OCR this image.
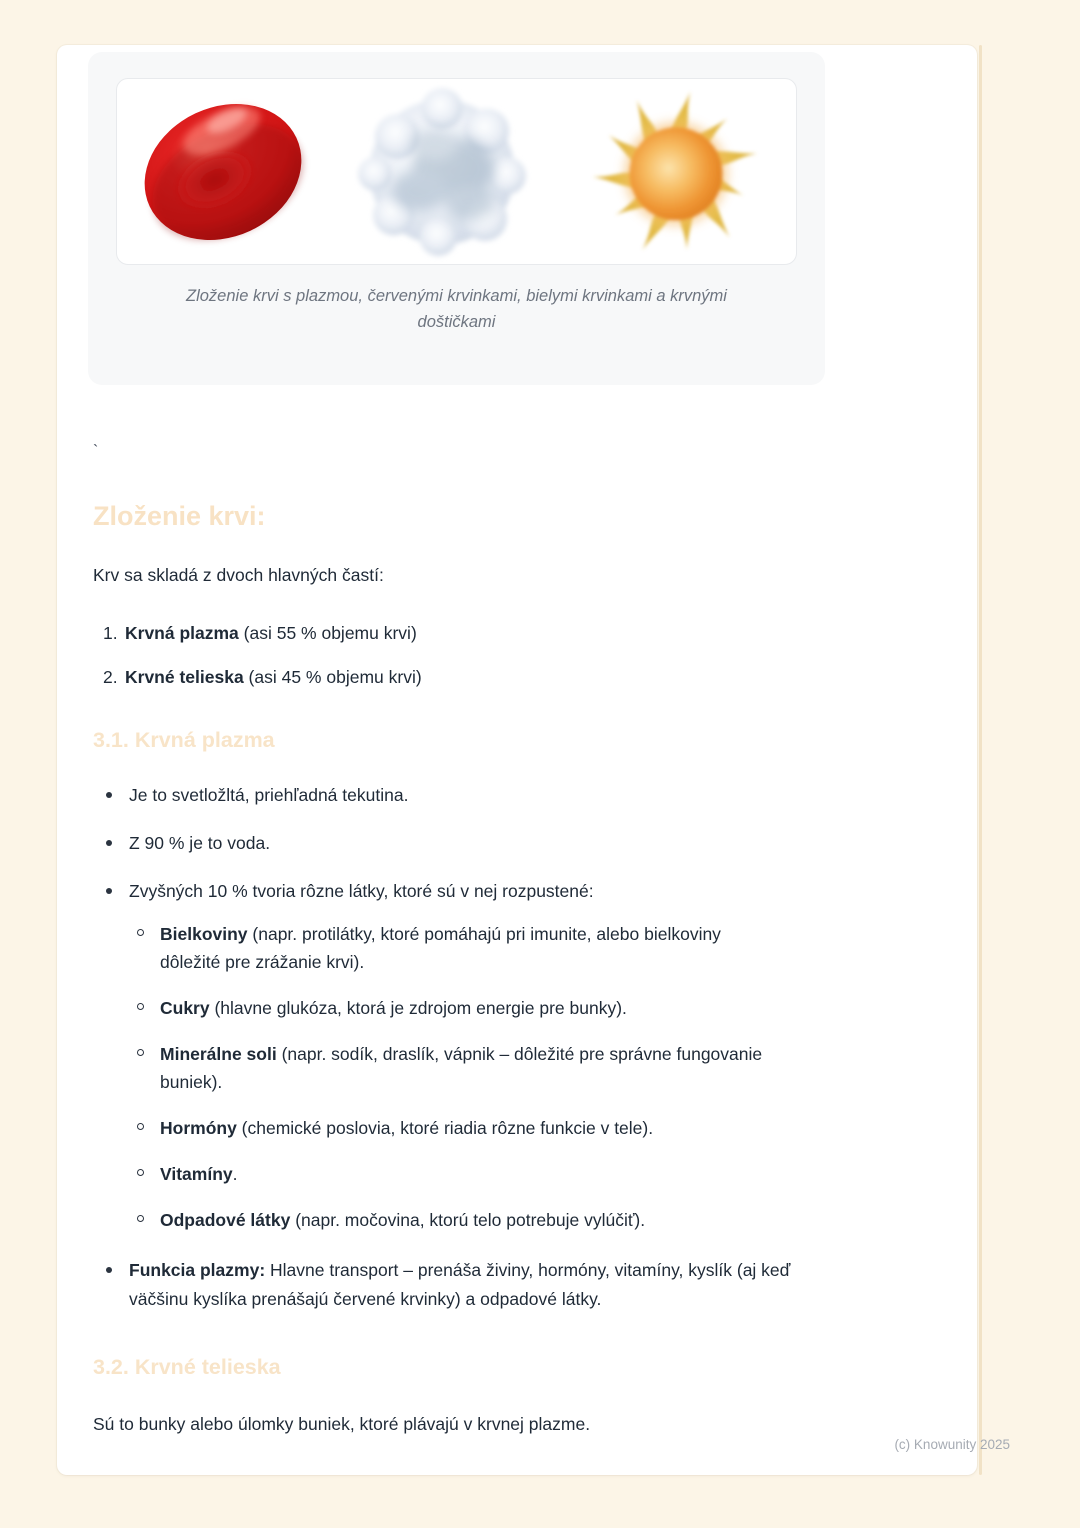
Zloženie krvi s plazmou, červenými krvinkami, bielymi krvinkami a krvnými doštičkami
`
Zloženie krvi:

Krv sa skladá z dvoch hlavných častí:

1. Krvná plazma (asi 55 % objemu krvi)
2. Krvné telieska (asi 45 % objemu krvi)
3.1. Krvná plazma
Je to svetložltá, priehľadná tekutina.
Z 90 % je to voda.
Zvyšných 10 % tvoria rôzne látky, ktoré sú v nej rozpustené:
Bielkoviny (napr. protilátky, ktoré pomáhajú pri imunite, alebo bielkoviny dôležité pre zrážanie krvi).
Cukry (hlavne glukóza, ktorá je zdrojom energie pre bunky).
Minerálne soli (napr. sodík, draslík, vápnik – dôležité pre správne fungovanie buniek).
Hormóny (chemické poslovia, ktoré riadia rôzne funkcie v tele).
Vitamíny.
Odpadové látky (napr. močovina, ktorú telo potrebuje vylúčiť).
Funkcia plazmy: Hlavne transport – prenáša živiny, hormóny, vitamíny, kyslík (aj keď väčšinu kyslíka prenášajú červené krvinky) a odpadové látky.
3.2. Krvné telieska

Sú to bunky alebo úlomky buniek, ktoré plávajú v krvnej plazme.

(c) Knowunity 2025
